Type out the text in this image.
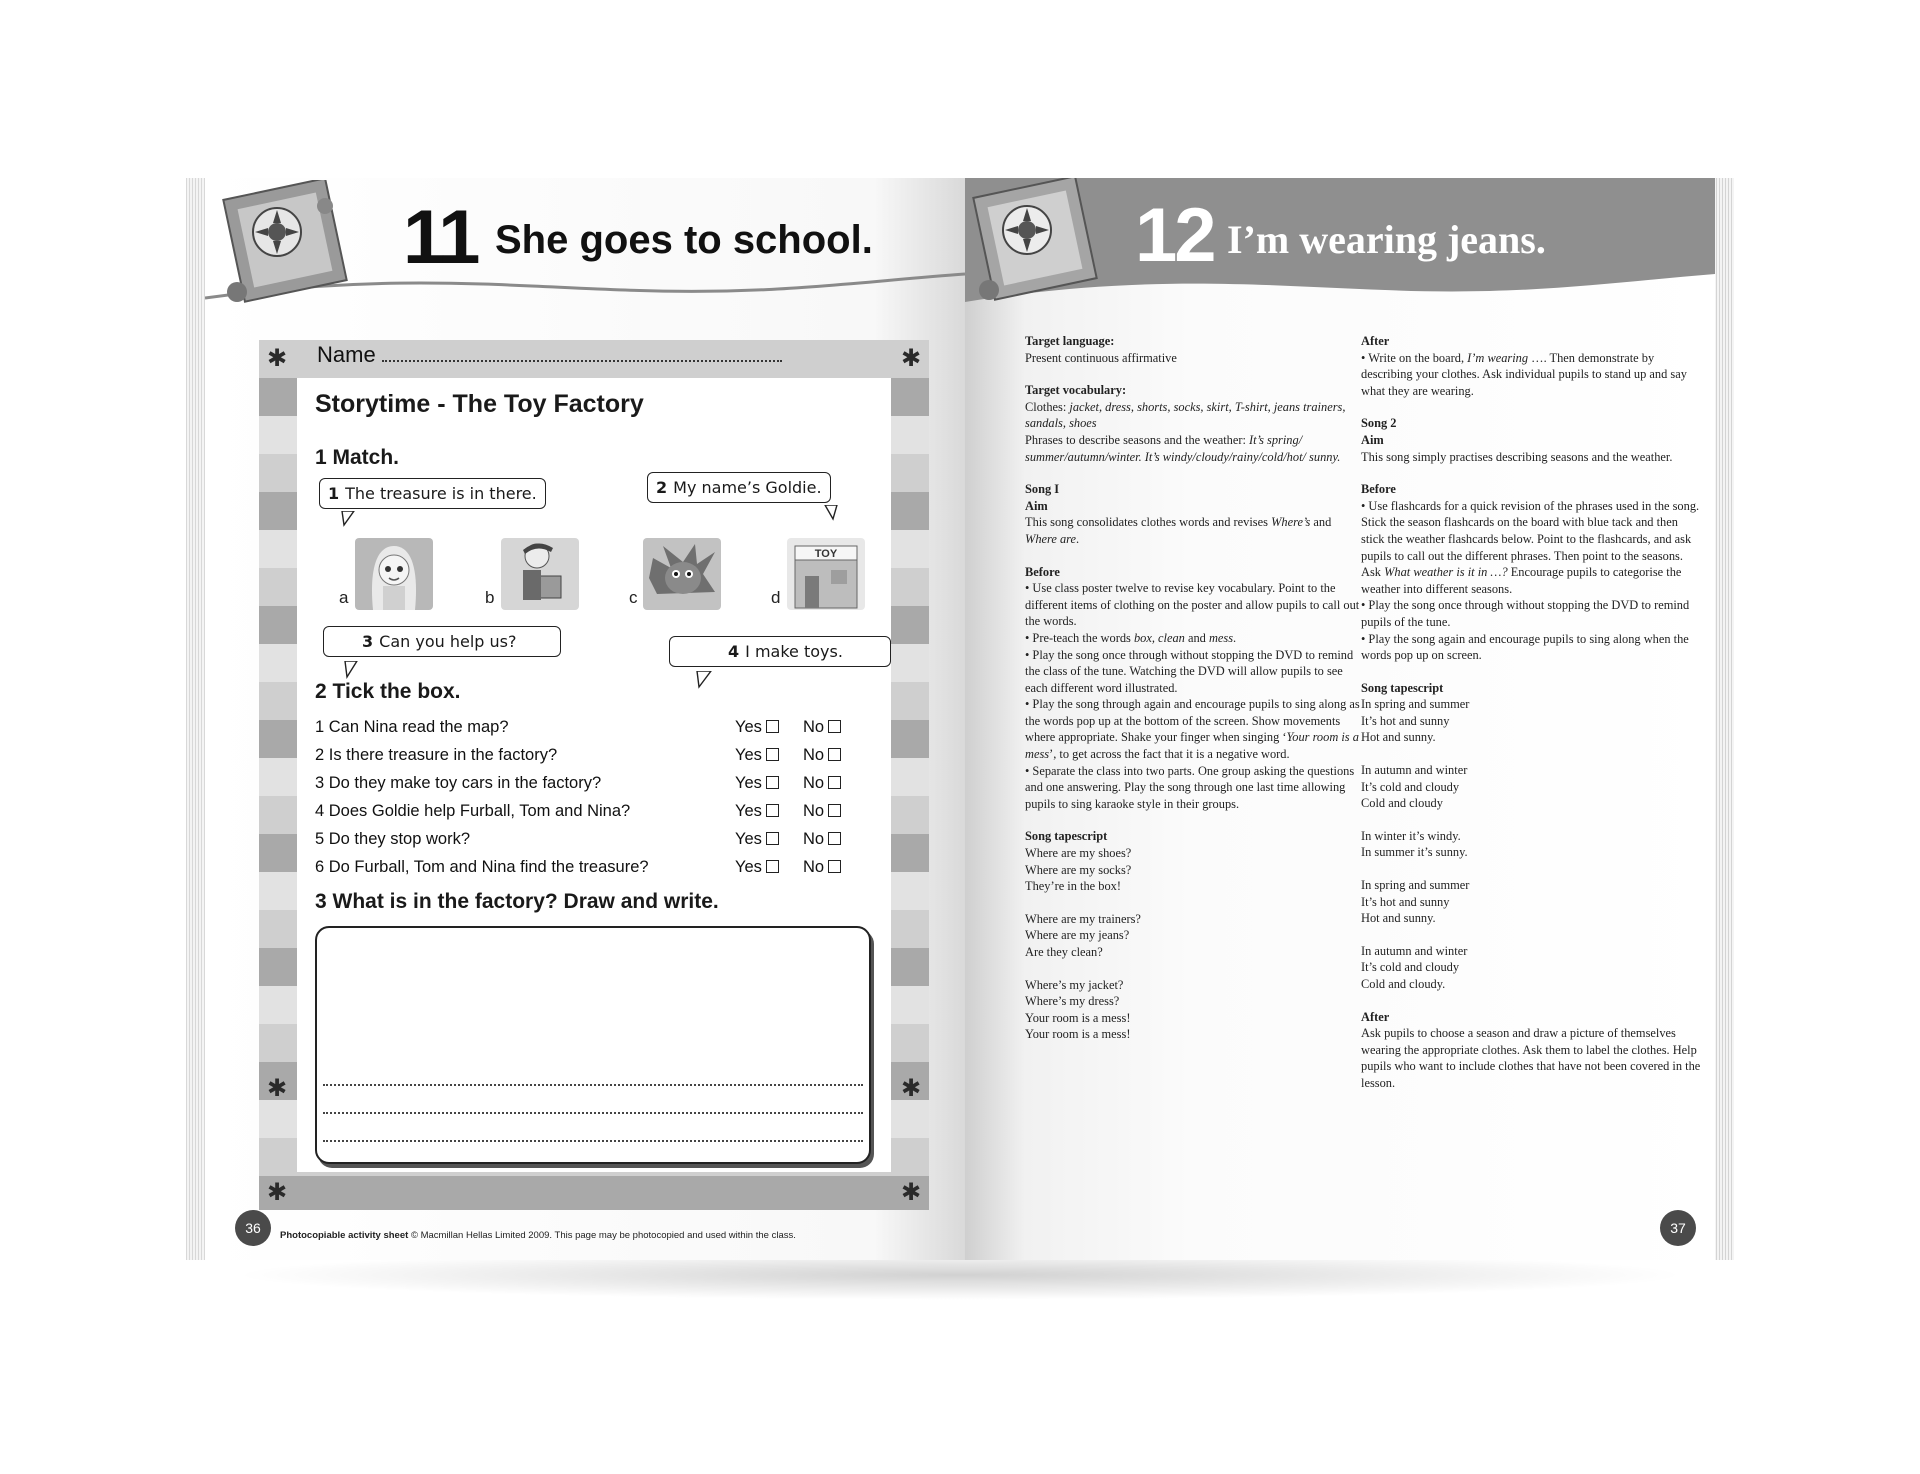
11 She goes to school.
✱	✱
✱	✱
✱	✱
Name
Storytime - The Toy Factory
1 Match.
1 The treasure is in there.	2 My name’s Goldie.
a	b	c
TOY
d
3 Can you help us?
4 I make toys.
2 Tick the box.
1 Can Nina read the map?	Yes	No
2 Is there treasure in the factory?	Yes	No
3 Do they make toy cars in the factory?	Yes	No
4 Does Goldie help Furball, Tom and Nina?	Yes	No
5 Do they stop work?	Yes	No
6 Do Furball, Tom and Nina find the treasure?	Yes	No
3 What is in the factory? Draw and write.
36	Photocopiable activity sheet © Macmillan Hellas Limited 2009. This page may be photocopied and used within the class.
12 I’m wearing jeans.
Target language:

Present continuous affirmative

Target vocabulary:

Clothes: jacket, dress, shorts, socks, skirt, T-shirt, jeans trainers, sandals, shoes

Phrases to describe seasons and the weather: It’s spring/ summer/autumn/winter. It’s windy/cloudy/rainy/cold/hot/ sunny.

Song I
Aim

This song consolidates clothes words and revises Where’s and Where are.

Before

• Use class poster twelve to revise key vocabulary. Point to the different items of clothing on the poster and allow pupils to call out the words.

• Pre-teach the words box, clean and mess.

• Play the song once through without stopping the DVD to remind the class of the tune. Watching the DVD will allow pupils to see each different word illustrated.

• Play the song through again and encourage pupils to sing along as the words pop up at the bottom of the screen. Show movements where appropriate. Shake your finger when singing ‘Your room is a mess’, to get across the fact that it is a negative word.

• Separate the class into two parts. One group asking the questions and one answering. Play the song through one last time allowing pupils to sing karaoke style in their groups.

Song tapescript

Where are my shoes?

Where are my socks?

They’re in the box!

Where are my trainers?

Where are my jeans?

Are they clean?

Where’s my jacket?

Where’s my dress?

Your room is a mess!

Your room is a mess!

After

• Write on the board, I’m wearing …. Then demonstrate by describing your clothes. Ask individual pupils to stand up and say what they are wearing.

Song 2
Aim

This song simply practises describing seasons and the weather.

Before

• Use flashcards for a quick revision of the phrases used in the song. Stick the season flashcards on the board with blue tack and then stick the weather flashcards below. Point to the flashcards, and ask pupils to call out the different phrases. Then point to the seasons. Ask What weather is it in …? Encourage pupils to categorise the weather into different seasons.

• Play the song once through without stopping the DVD to remind pupils of the tune.

• Play the song again and encourage pupils to sing along when the words pop up on screen.

Song tapescript

In spring and summer

It’s hot and sunny

Hot and sunny.

In autumn and winter

It’s cold and cloudy

Cold and cloudy

In winter it’s windy.

In summer it’s sunny.

In spring and summer

It’s hot and sunny

Hot and sunny.

In autumn and winter

It’s cold and cloudy

Cold and cloudy.

After

Ask pupils to choose a season and draw a picture of themselves wearing the appropriate clothes. Ask them to label the clothes. Help pupils who want to include clothes that have not been covered in the lesson.

37
